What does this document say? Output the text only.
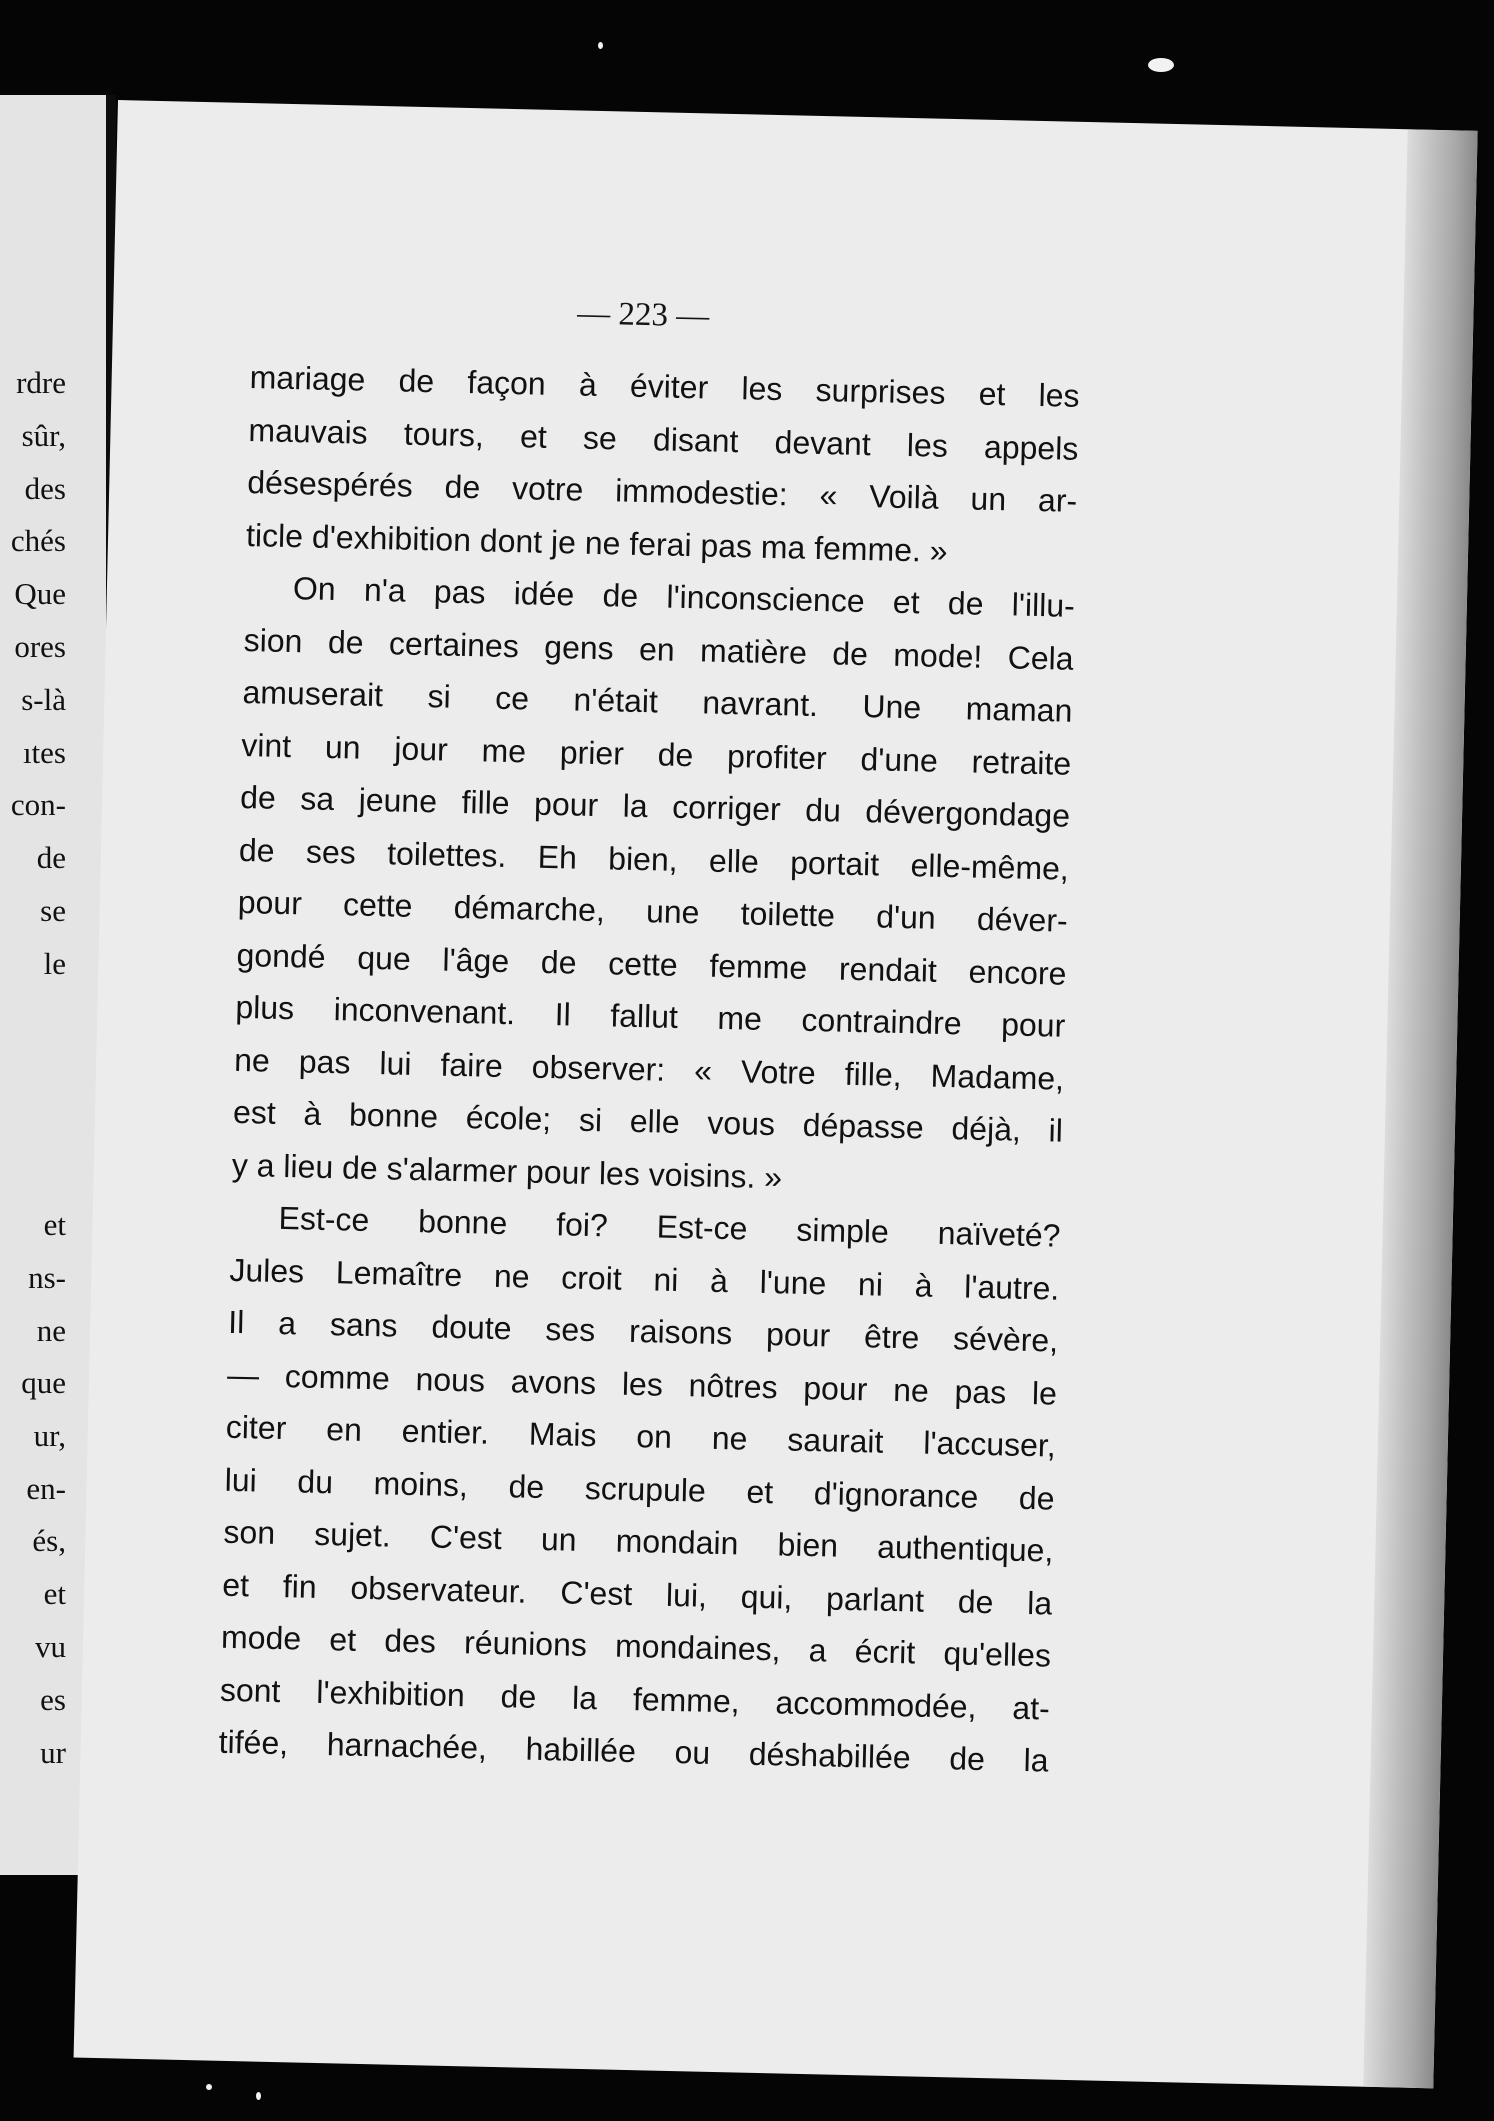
rdre
sûr,
des
chés
Que
ores
s-là
ıtes
con-
de
se
le
et
ns-
ne
que
ur,
en-
és,
et
vu
es
ur
— 223 —
mariage de façon à éviter les surprises et les
mauvais tours, et se disant devant les appels
désespérés de votre immodestie: « Voilà un ar-
ticle d'exhibition dont je ne ferai pas ma femme. »
On n'a pas idée de l'inconscience et de l'illu-
sion de certaines gens en matière de mode! Cela
amuserait si ce n'était navrant. Une maman
vint un jour me prier de profiter d'une retraite
de sa jeune fille pour la corriger du dévergondage
de ses toilettes. Eh bien, elle portait elle-même,
pour cette démarche, une toilette d'un déver-
gondé que l'âge de cette femme rendait encore
plus inconvenant. Il fallut me contraindre pour
ne pas lui faire observer: « Votre fille, Madame,
est à bonne école; si elle vous dépasse déjà, il
y a lieu de s'alarmer pour les voisins. »
Est-ce bonne foi? Est-ce simple naïveté?
Jules Lemaître ne croit ni à l'une ni à l'autre.
Il a sans doute ses raisons pour être sévère,
— comme nous avons les nôtres pour ne pas le
citer en entier. Mais on ne saurait l'accuser,
lui du moins, de scrupule et d'ignorance de
son sujet. C'est un mondain bien authentique,
et fin observateur. C'est lui, qui, parlant de la
mode et des réunions mondaines, a écrit qu'elles
sont l'exhibition de la femme, accommodée, at-
tifée, harnachée, habillée ou déshabillée de la
